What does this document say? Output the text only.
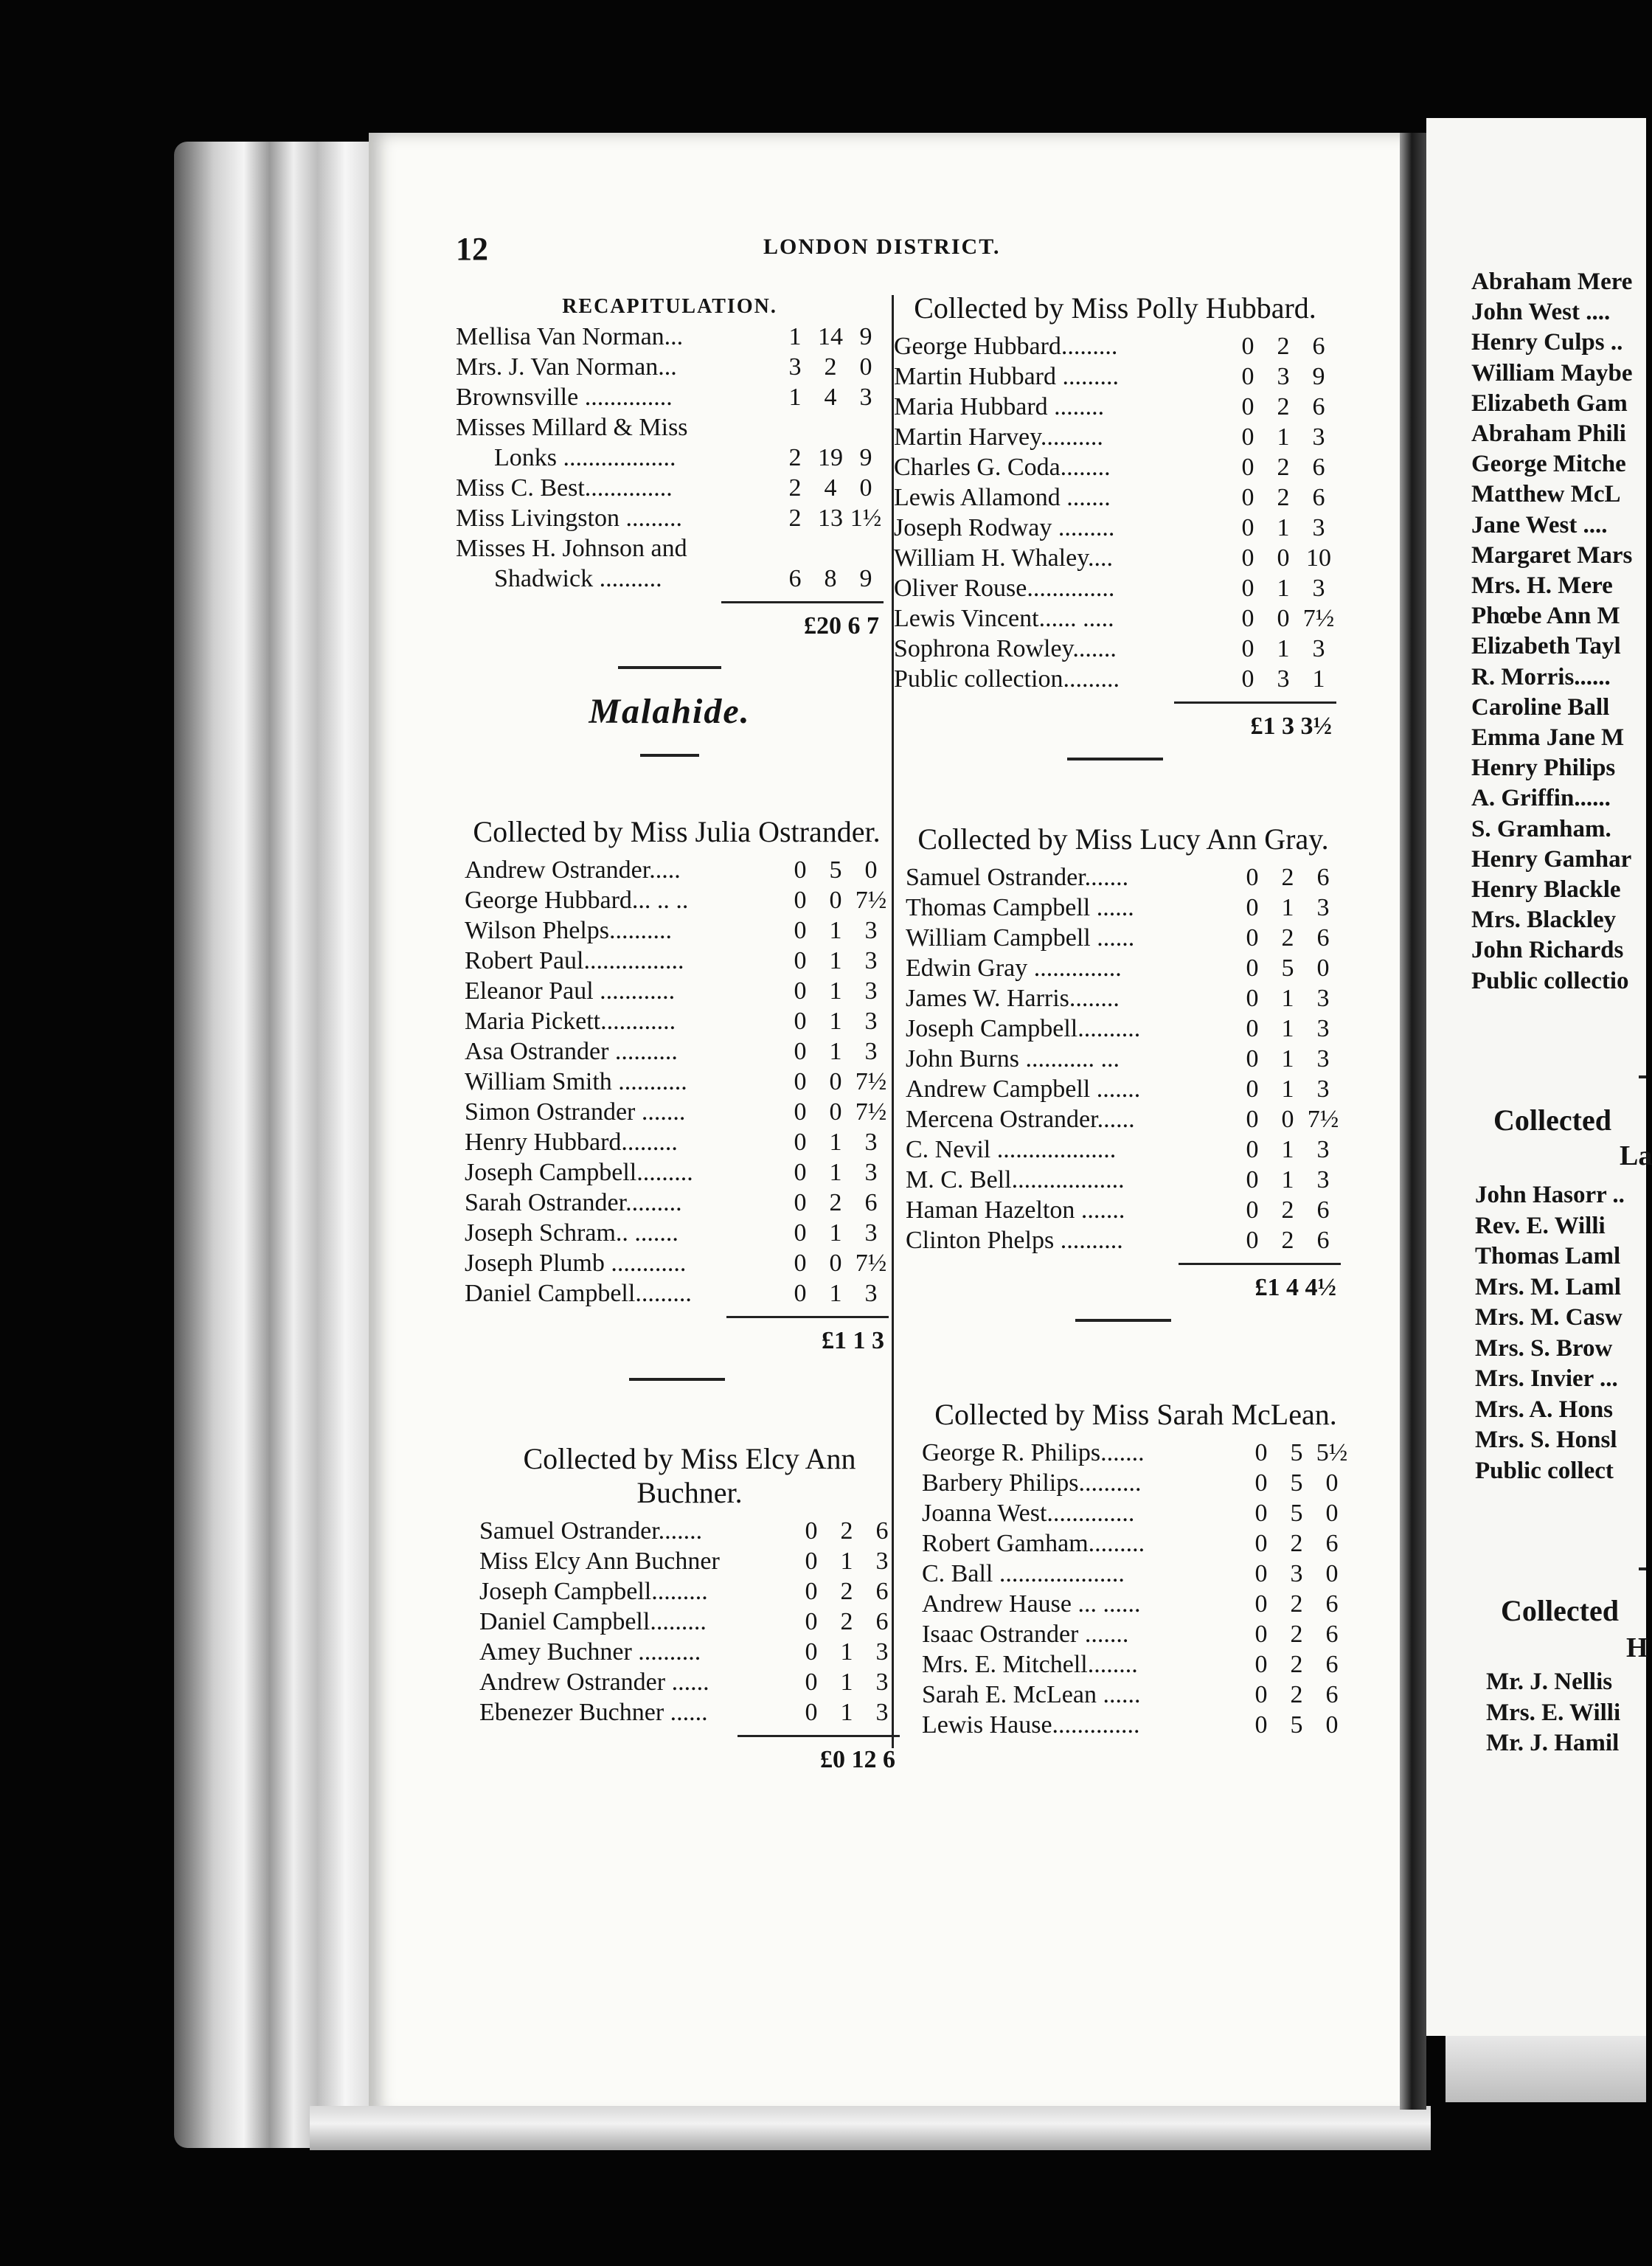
12	LONDON DISTRICT.
RECAPITULATION.
Mellisa Van Norman...	1 14 9
Mrs. J. Van Norman...	3 2 0
Brownsville ..............	1 4 3
Misses Millard & Miss
Lonks ..................	2 19 9
Miss C. Best..............	2 4 0
Miss Livingston .........	2 13 1½
Misses H. Johnson and
Shadwick ..........	6 8 9
£20 6 7
Malahide.
Collected by Miss Julia Ostrander.
Andrew Ostrander.....	0 5 0
George Hubbard... .. ..	0 0 7½
Wilson Phelps..........	0 1 3
Robert Paul................	0 1 3
Eleanor Paul ............	0 1 3
Maria Pickett............	0 1 3
Asa Ostrander ..........	0 1 3
William Smith ...........	0 0 7½
Simon Ostrander .......	0 0 7½
Henry Hubbard.........	0 1 3
Joseph Campbell.........	0 1 3
Sarah Ostrander.........	0 2 6
Joseph Schram.. .......	0 1 3
Joseph Plumb ............	0 0 7½
Daniel Campbell.........	0 1 3
£1 1 3
Collected by Miss Elcy Ann Buchner.
Samuel Ostrander.......	0 2 6
Miss Elcy Ann Buchner	0 1 3
Joseph Campbell.........	0 2 6
Daniel Campbell.........	0 2 6
Amey Buchner ..........	0 1 3
Andrew Ostrander ......	0 1 3
Ebenezer Buchner ......	0 1 3
£0 12 6
Collected by Miss Polly Hubbard.
George Hubbard.........	0 2 6
Martin Hubbard .........	0 3 9
Maria Hubbard ........	0 2 6
Martin Harvey..........	0 1 3
Charles G. Coda........	0 2 6
Lewis Allamond .......	0 2 6
Joseph Rodway .........	0 1 3
William H. Whaley....	0 0 10
Oliver Rouse..............	0 1 3
Lewis Vincent...... .....	0 0 7½
Sophrona Rowley.......	0 1 3
Public collection.........	0 3 1
£1 3 3½
Collected by Miss Lucy Ann Gray.
Samuel Ostrander.......	0 2 6
Thomas Campbell ......	0 1 3
William Campbell ......	0 2 6
Edwin Gray ..............	0 5 0
James W. Harris........	0 1 3
Joseph Campbell..........	0 1 3
John Burns ........... ...	0 1 3
Andrew Campbell .......	0 1 3
Mercena Ostrander......	0 0 7½
C. Nevil ...................	0 1 3
M. C. Bell..................	0 1 3
Haman Hazelton .......	0 2 6
Clinton Phelps ..........	0 2 6
£1 4 4½
Collected by Miss Sarah McLean.
George R. Philips.......	0 5 5½
Barbery Philips..........	0 5 0
Joanna West..............	0 5 0
Robert Gamham.........	0 2 6
C. Ball ....................	0 3 0
Andrew Hause ... ......	0 2 6
Isaac Ostrander .......	0 2 6
Mrs. E. Mitchell........	0 2 6
Sarah E. McLean ......	0 2 6
Lewis Hause..............	0 5 0
Abraham Mere
John West ....
Henry Culps ..
William Maybe
Elizabeth Gam
Abraham Phili
George Mitche
Matthew McL
Jane West ....
Margaret Mars
Mrs. H. Mere
Phœbe Ann M
Elizabeth Tayl
R. Morris......
Caroline Ball
Emma Jane M
Henry Philips
A. Griffin......
S. Gramham.
Henry Gamhar
Henry Blackle
Mrs. Blackley
John Richards
Public collectio
Collected
La
John Hasorr ..
Rev. E. Willi
Thomas Laml
Mrs. M. Laml
Mrs. M. Casw
Mrs. S. Brow
Mrs. Invier ...
Mrs. A. Hons
Mrs. S. Honsl
Public collect
Collected
H
Mr. J. Nellis
Mrs. E. Willi
Mr. J. Hamil
